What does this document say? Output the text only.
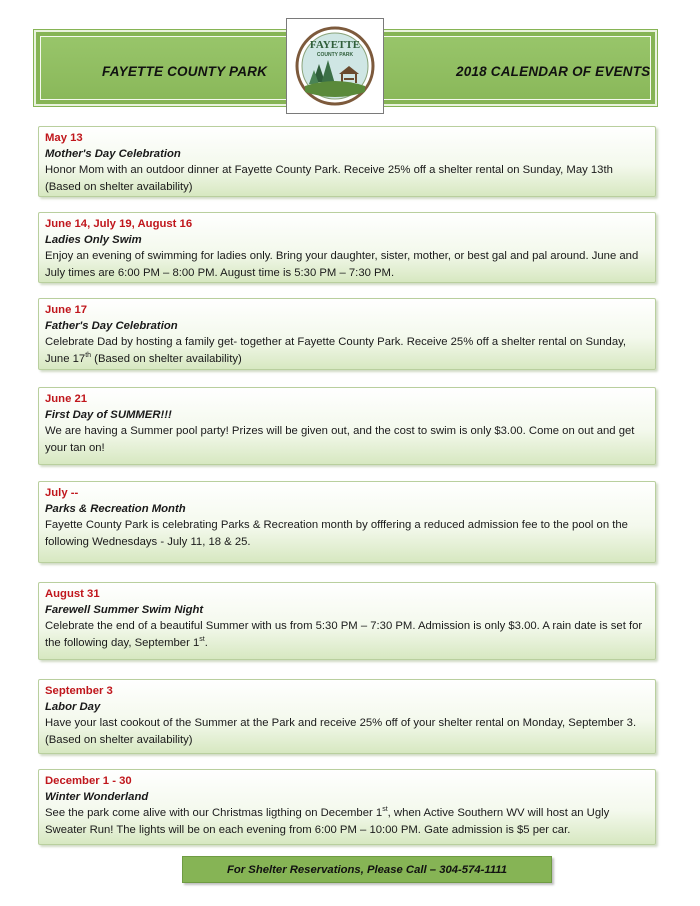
FAYETTE COUNTY PARK	2018 CALENDAR OF EVENTS
FAYETTE
COUNTY PARK
May 13
Mother's Day Celebration
Honor Mom with an outdoor dinner at Fayette County Park. Receive 25% off a shelter rental on Sunday, May 13th (Based on shelter availability)
June 14, July 19, August 16
Ladies Only Swim
Enjoy an evening of swimming for ladies only. Bring your daughter, sister, mother, or best gal and pal around. June and July times are 6:00 PM – 8:00 PM. August time is 5:30 PM – 7:30 PM.
June 17
Father's Day Celebration
Celebrate Dad by hosting a family get- together at Fayette County Park. Receive 25% off a shelter rental on Sunday, June 17th (Based on shelter availability)
June 21
First Day of SUMMER!!!
We are having a Summer pool party! Prizes will be given out, and the cost to swim is only $3.00. Come on out and get your tan on!
July --
Parks & Recreation Month
Fayette County Park is celebrating Parks & Recreation month by offfering a reduced admission fee to the pool on the following Wednesdays - July 11, 18 & 25.
August 31
Farewell Summer Swim Night
Celebrate the end of a beautiful Summer with us from 5:30 PM – 7:30 PM. Admission is only $3.00. A rain date is set for the following day, September 1st.
September 3
Labor Day
Have your last cookout of the Summer at the Park and receive 25% off of your shelter rental on Monday, September 3. (Based on shelter availability)
December 1 - 30
Winter Wonderland
See the park come alive with our Christmas ligthing on December 1st, when Active Southern WV will host an Ugly Sweater Run! The lights will be on each evening from 6:00 PM – 10:00 PM. Gate admission is $5 per car.
For Shelter Reservations, Please Call – 304-574-1111
